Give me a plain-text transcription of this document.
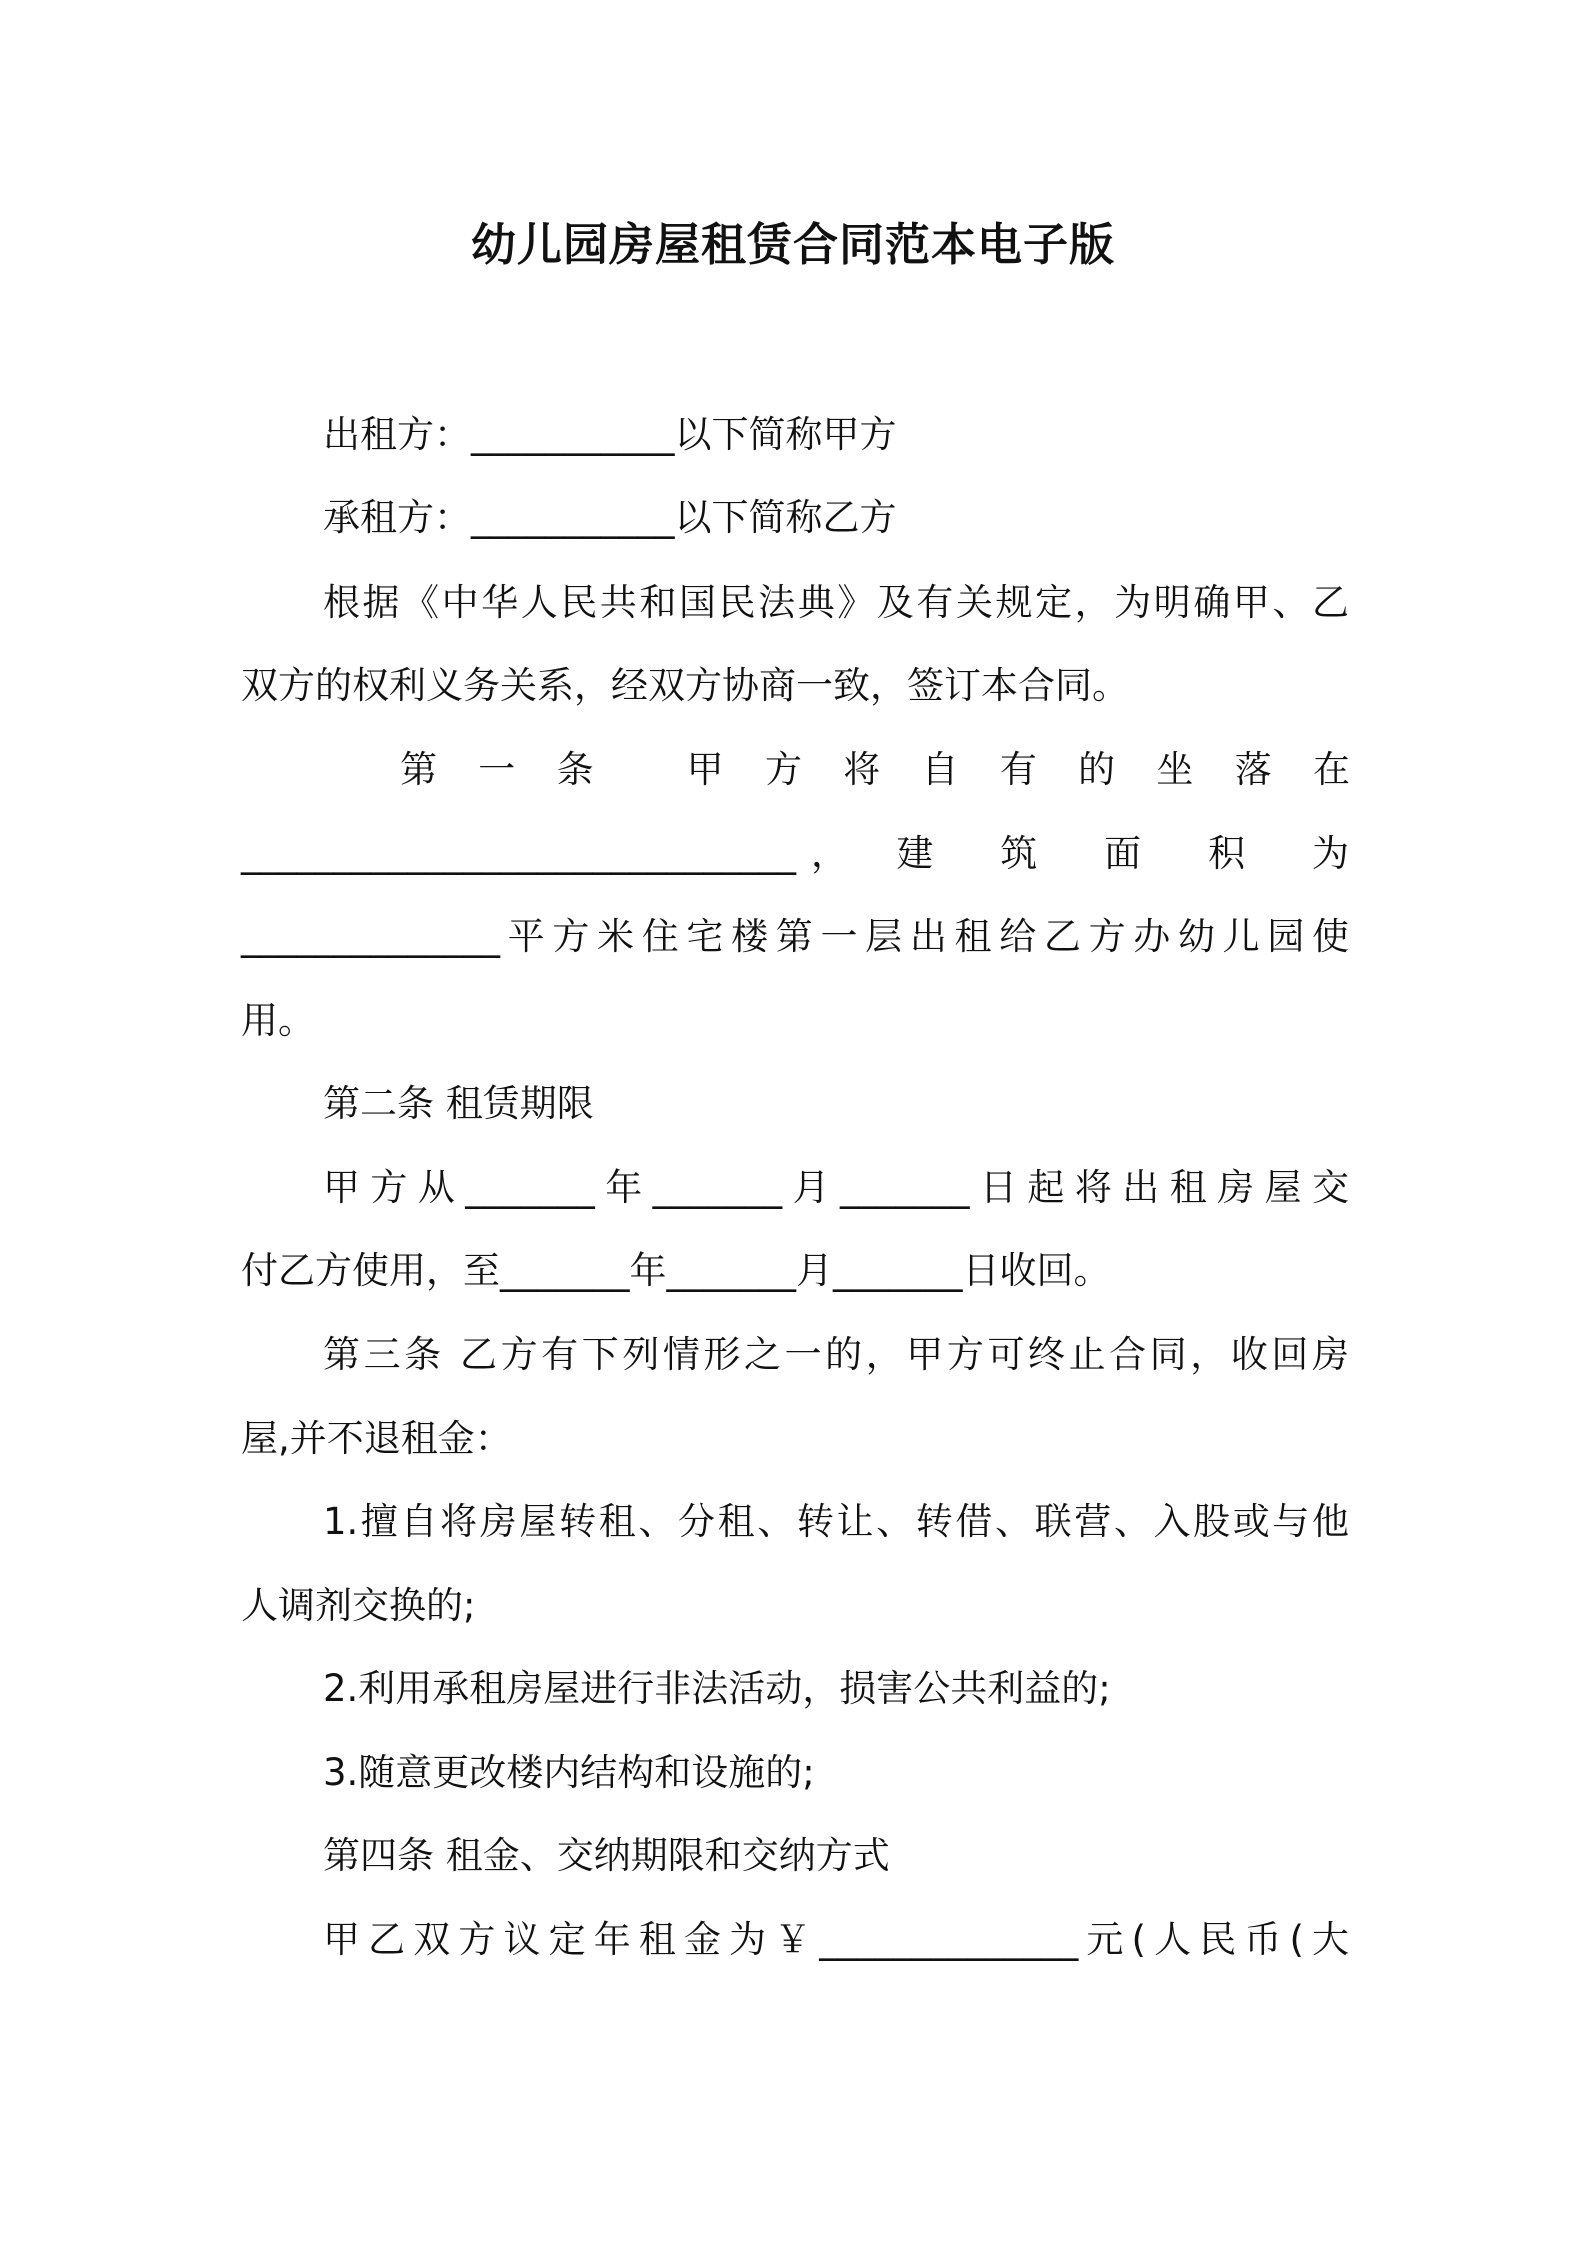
幼儿园房屋租赁合同范本电子版
出租方：___________以下简称甲方
承租方：___________以下简称乙方
根据《中华人民共和国民法典》及有关规定，为明确甲、乙
双方的权利义务关系，经双方协商一致，签订本合同。
第 一 条　 甲 方 将 自 有 的 坐 落 在
______________________________，　建　筑　面　积　为
______________平方米住宅楼第一层出租给乙方办幼儿园使
用。
第二条 租赁期限
甲方从_______年_______月_______日起将出租房屋交
付乙方使用，至_______年_______月_______日收回。
第三条 乙方有下列情形之一的，甲方可终止合同，收回房
屋,并不退租金：
1.擅自将房屋转租、分租、转让、转借、联营、入股或与他
人调剂交换的;
2.利用承租房屋进行非法活动，损害公共利益的;
3.随意更改楼内结构和设施的;
第四条 租金、交纳期限和交纳方式
甲乙双方议定年租金为￥______________元(人民币(大
